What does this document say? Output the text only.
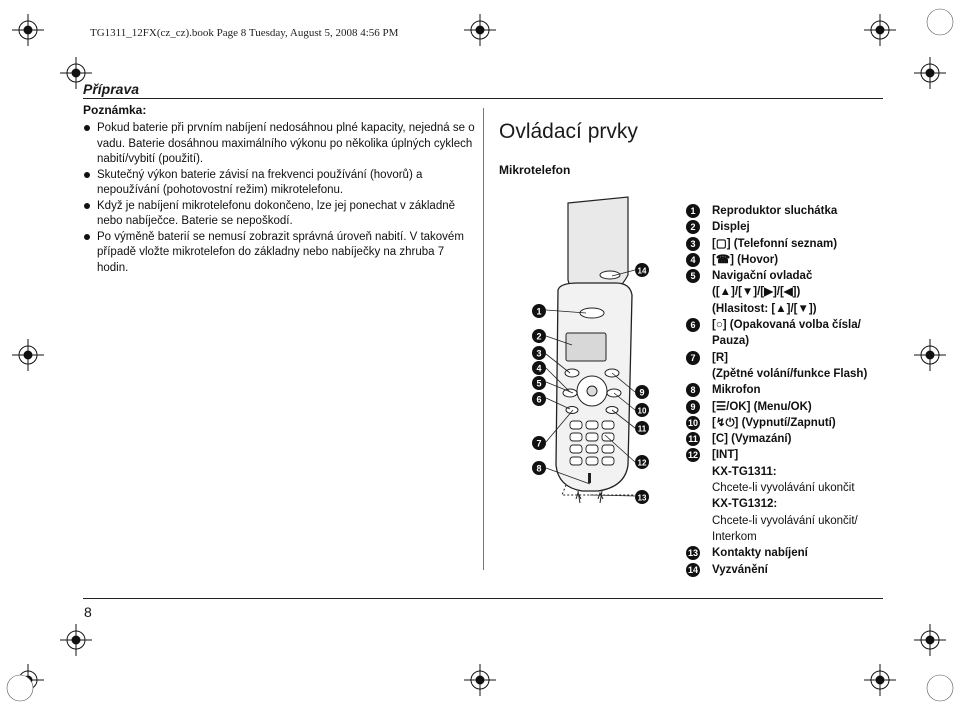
TG1311_12FX(cz_cz).book Page 8 Tuesday, August 5, 2008 4:56 PM
Příprava
Poznámka:
Pokud baterie při prvním nabíjení nedosáhnou plné kapacity, nejedná se o vadu. Baterie dosáhnou maximálního výkonu po několika úplných cyklech nabití/vybití (použití).
Skutečný výkon baterie závisí na frekvenci používání (hovorů) a nepoužívání (pohotovostní režim) mikrotelefonu.
Když je nabíjení mikrotelefonu dokončeno, lze jej ponechat v základně nebo nabíječce. Baterie se nepoškodí.
Po výměně baterií se nemusí zobrazit správná úroveň nabití. V takovém případě vložte mikrotelefon do základny nebo nabíječky na zhruba 7 hodin.
Ovládací prvky
Mikrotelefon
1
2
3
4
5
6
7
8
9
10
11
12
13
14
1	Reproduktor sluchátka
2	Displej
3	[▢] (Telefonní seznam)
4	[☎] (Hovor)
5	Navigační ovladač
([▲]/[▼]/[▶]/[◀])
(Hlasitost: [▲]/[▼])
6	[○] (Opakovaná volba čísla/
Pauza)
7	[R]
(Zpětné volání/funkce Flash)
8	Mikrofon
9	[☰/OK] (Menu/OK)
10 [↯⏻] (Vypnutí/Zapnutí)
11 [C] (Vymazání)
12 [INT]
KX-TG1311:
Chcete-li vyvolávání ukončit
KX-TG1312:
Chcete-li vyvolávání ukončit/
Interkom
13 Kontakty nabíjení
14 Vyzvánění
8
